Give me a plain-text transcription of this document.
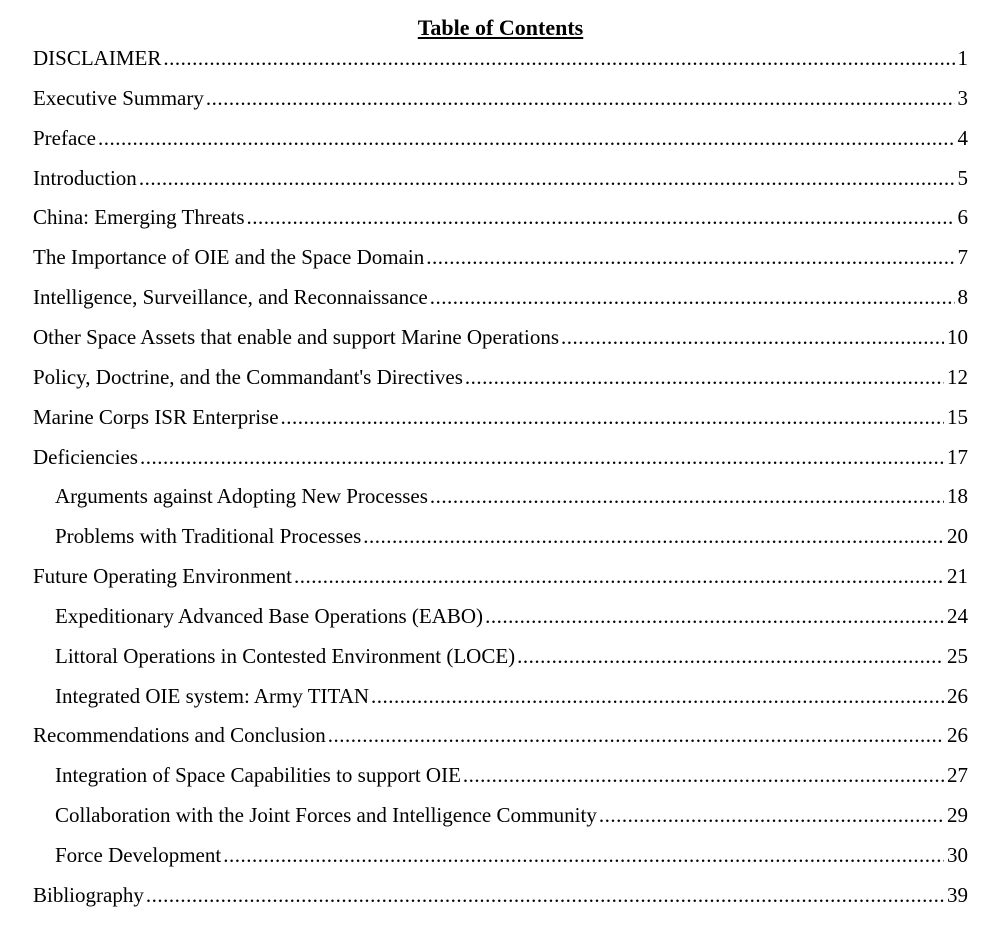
Table of Contents
DISCLAIMER .....	1
Executive Summary .....	3
Preface .....	4
Introduction .....	5
China: Emerging Threats .....	6
The Importance of OIE and the Space Domain .....	7
Intelligence, Surveillance, and Reconnaissance .....	8
Other Space Assets that enable and support Marine Operations .....	10
Policy, Doctrine, and the Commandant's Directives .....	12
Marine Corps ISR Enterprise .....	15
Deficiencies .....	17
Arguments against Adopting New Processes .....	18
Problems with Traditional Processes .....	20
Future Operating Environment .....	21
Expeditionary Advanced Base Operations (EABO) .....	24
Littoral Operations in Contested Environment (LOCE) .....	25
Integrated OIE system: Army TITAN .....	26
Recommendations and Conclusion .....	26
Integration of Space Capabilities to support OIE .....	27
Collaboration with the Joint Forces and Intelligence Community .....	29
Force Development .....	30
Bibliography .....	39
